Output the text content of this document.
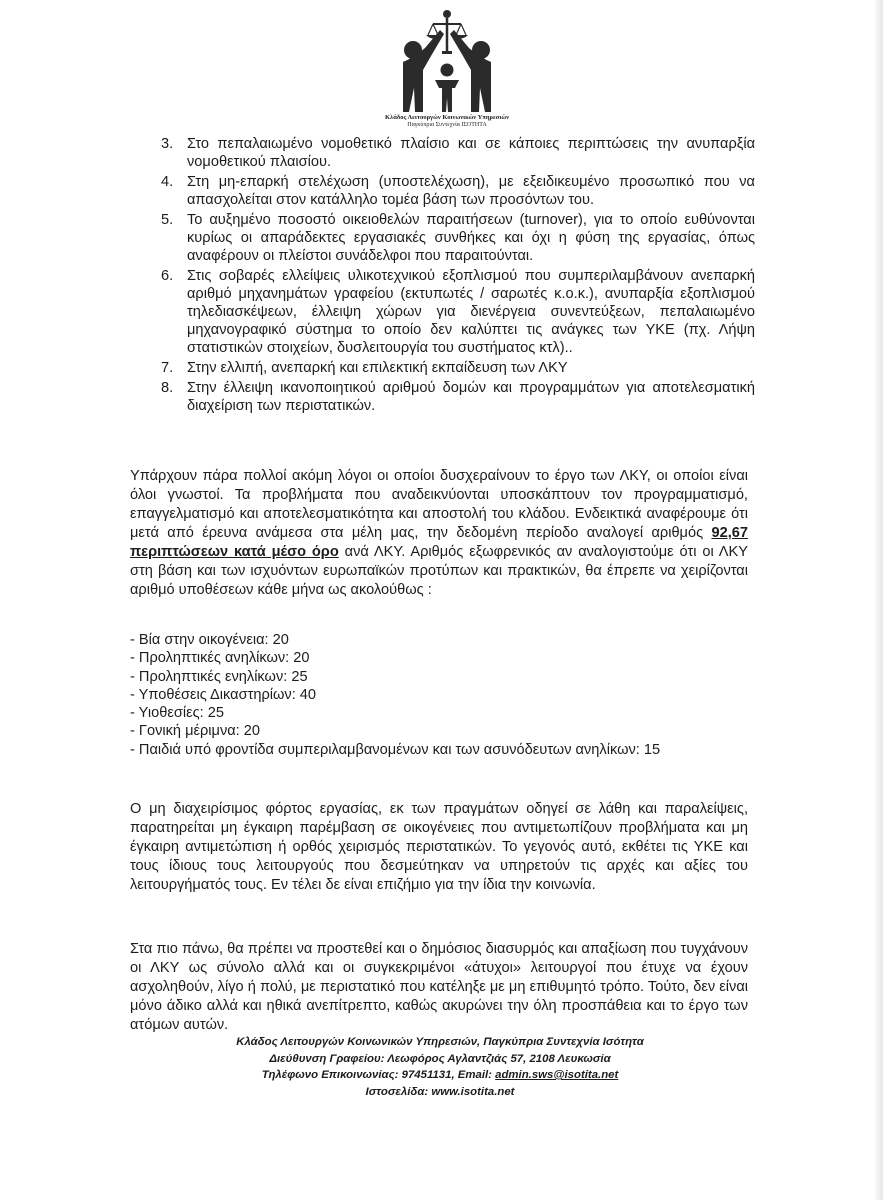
Κλάδος Λειτουργών Κοινωνικών Υπηρεσιών
Παγκύπρια Συντεχνία ΙΣΟΤΗΤΑ
3. Στο πεπαλαιωμένο νομοθετικό πλαίσιο και σε κάποιες περιπτώσεις την ανυπαρξία νομοθετικού πλαισίου.
4. Στη μη-επαρκή στελέχωση (υποστελέχωση), με εξειδικευμένο προσωπικό που να απασχολείται στον κατάλληλο τομέα βάση των προσόντων του.
5. Το αυξημένο ποσοστό οικειοθελών παραιτήσεων (turnover), για το οποίο ευθύνονται κυρίως οι απαράδεκτες εργασιακές συνθήκες και όχι η φύση της εργασίας, όπως αναφέρουν οι πλείστοι συνάδελφοι που παραιτούνται.
6. Στις σοβαρές ελλείψεις υλικοτεχνικού εξοπλισμού που συμπεριλαμβάνουν ανεπαρκή αριθμό μηχανημάτων γραφείου (εκτυπωτές / σαρωτές κ.ο.κ.), ανυπαρξία εξοπλισμού τηλεδιασκέψεων, έλλειψη χώρων για διενέργεια συνεντεύξεων, πεπαλαιωμένο μηχανογραφικό σύστημα το οποίο δεν καλύπτει τις ανάγκες των ΥΚΕ (πχ. Λήψη στατιστικών στοιχείων, δυσλειτουργία του συστήματος κτλ)..
7. Στην ελλιπή, ανεπαρκή και επιλεκτική εκπαίδευση των ΛΚΥ
8. Στην έλλειψη ικανοποιητικού αριθμού δομών και προγραμμάτων για αποτελεσματική διαχείριση των περιστατικών.

Υπάρχουν πάρα πολλοί ακόμη λόγοι οι οποίοι δυσχεραίνουν το έργο των ΛΚΥ, οι οποίοι είναι όλοι γνωστοί. Τα προβλήματα που αναδεικνύονται υποσκάπτουν τον προγραμματισμό, επαγγελματισμό και αποτελεσματικότητα και αποστολή του κλάδου. Ενδεικτικά αναφέρουμε ότι μετά από έρευνα ανάμεσα στα μέλη μας, την δεδομένη περίοδο αναλογεί αριθμός 92,67 περιπτώσεων κατά μέσο όρο ανά ΛΚΥ. Αριθμός εξωφρενικός αν αναλογιστούμε ότι οι ΛΚΥ στη βάση και των ισχυόντων ευρωπαϊκών προτύπων και πρακτικών, θα έπρεπε να χειρίζονται αριθμό υποθέσεων κάθε μήνα ως ακολούθως :

- Βία στην οικογένεια: 20
- Προληπτικές ανηλίκων: 20
- Προληπτικές ενηλίκων: 25
- Υποθέσεις Δικαστηρίων: 40
- Υιοθεσίες: 25
- Γονική μέριμνα: 20
- Παιδιά υπό φροντίδα συμπεριλαμβανομένων και των ασυνόδευτων ανηλίκων: 15

Ο μη διαχειρίσιμος φόρτος εργασίας, εκ των πραγμάτων οδηγεί σε λάθη και παραλείψεις, παρατηρείται μη έγκαιρη παρέμβαση σε οικογένειες που αντιμετωπίζουν προβλήματα και μη έγκαιρη αντιμετώπιση ή ορθός χειρισμός περιστατικών. Το γεγονός αυτό, εκθέτει τις ΥΚΕ και τους ίδιους τους λειτουργούς που δεσμεύτηκαν να υπηρετούν τις αρχές και αξίες του λειτουργήματός τους. Εν τέλει δε είναι επιζήμιο για την ίδια την κοινωνία.

Στα πιο πάνω, θα πρέπει να προστεθεί και ο δημόσιος διασυρμός και απαξίωση που τυγχάνουν οι ΛΚΥ ως σύνολο αλλά και οι συγκεκριμένοι «άτυχοι» λειτουργοί που έτυχε να έχουν ασχοληθούν, λίγο ή πολύ, με περιστατικό που κατέληξε με μη επιθυμητό τρόπο. Τούτο, δεν είναι μόνο άδικο αλλά και ηθικά ανεπίτρεπτο, καθώς ακυρώνει την όλη προσπάθεια και το έργο των ατόμων αυτών.

Κλάδος Λειτουργών Κοινωνικών Υπηρεσιών, Παγκύπρια Συντεχνία Ισότητα
Διεύθυνση Γραφείου: Λεωφόρος Αγλαντζιάς 57, 2108 Λευκωσία
Τηλέφωνο Επικοινωνίας: 97451131, Email: admin.sws@isotita.net
Ιστοσελίδα: www.isotita.net
